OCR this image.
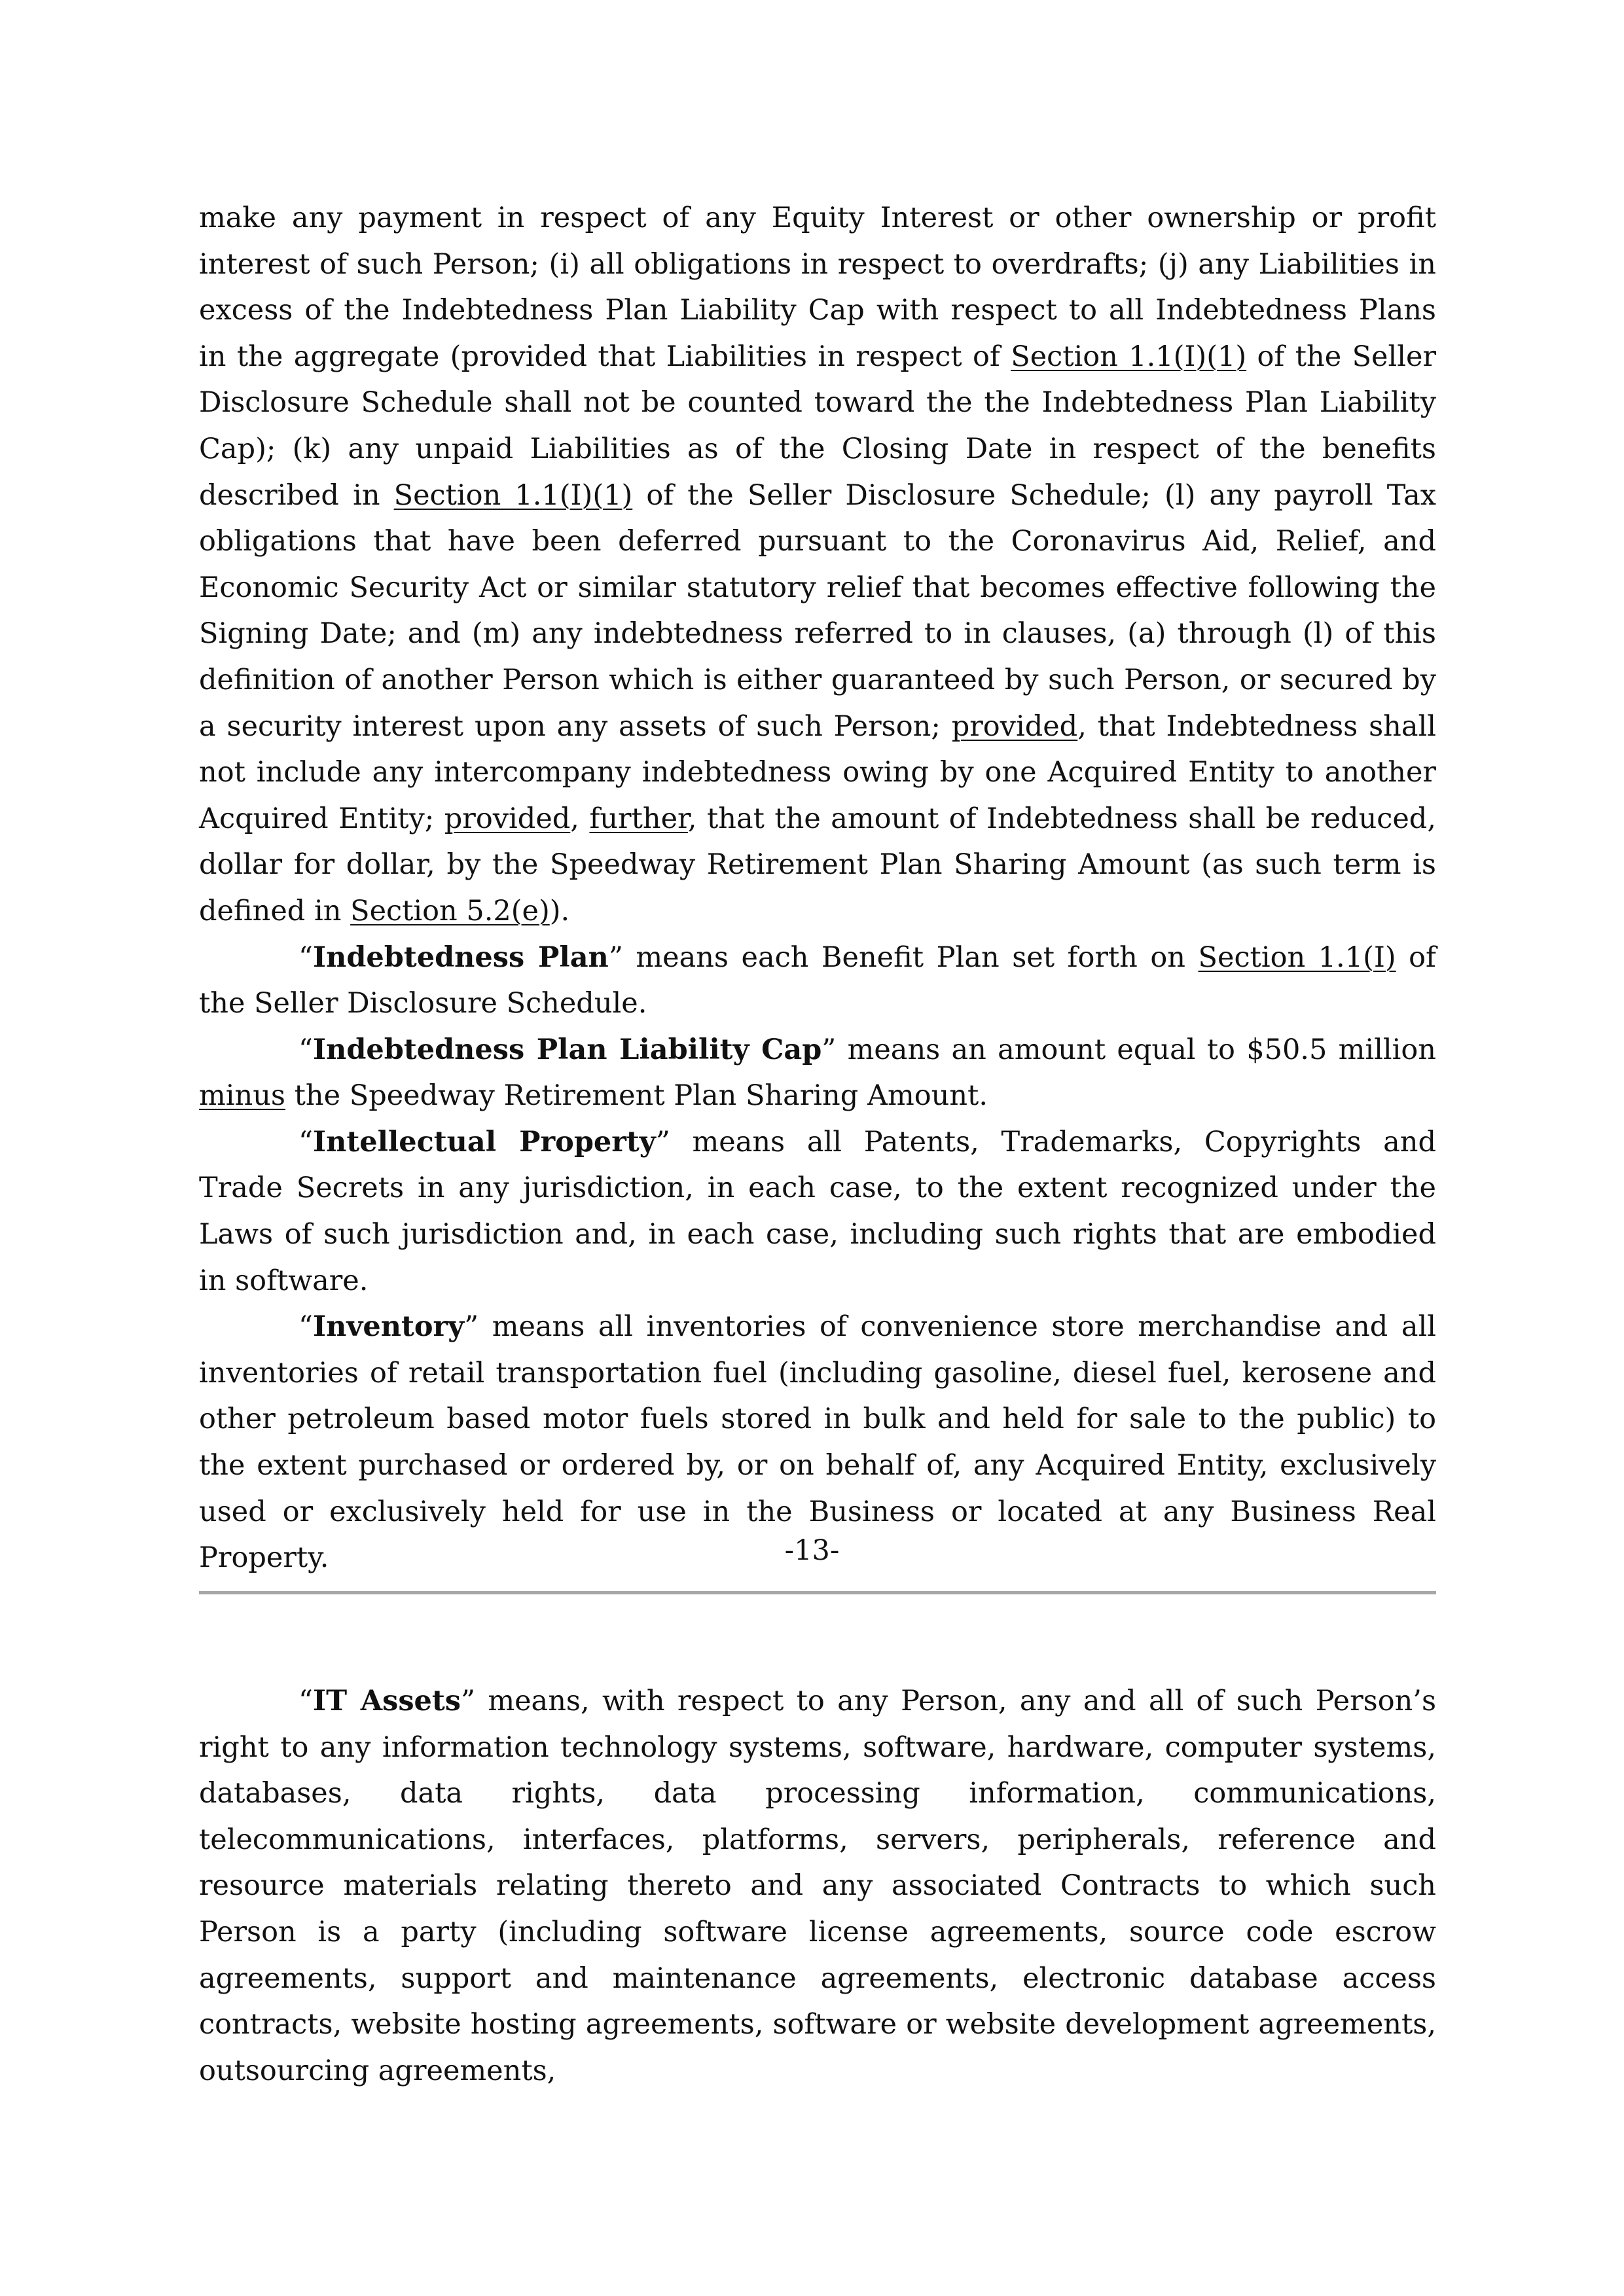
make any payment in respect of any Equity Interest or other ownership or profit interest of such Person; (i) all obligations in respect to overdrafts; (j) any Liabilities in excess of the Indebtedness Plan Liability Cap with respect to all Indebtedness Plans in the aggregate (provided that Liabilities in respect of Section 1.1(I)(1) of the Seller Disclosure Schedule shall not be counted toward the the Indebtedness Plan Liability Cap); (k) any unpaid Liabilities as of the Closing Date in respect of the benefits described in Section 1.1(I)(1) of the Seller Disclosure Schedule; (l) any payroll Tax obligations that have been deferred pursuant to the Coronavirus Aid, Relief, and Economic Security Act or similar statutory relief that becomes effective following the Signing Date; and (m) any indebtedness referred to in clauses, (a) through (l) of this definition of another Person which is either guaranteed by such Person, or secured by a security interest upon any assets of such Person; provided, that Indebtedness shall not include any intercompany indebtedness owing by one Acquired Entity to another Acquired Entity; provided, further, that the amount of Indebtedness shall be reduced, dollar for dollar, by the Speedway Retirement Plan Sharing Amount (as such term is defined in Section 5.2(e)).

“Indebtedness Plan” means each Benefit Plan set forth on Section 1.1(I) of the Seller Disclosure Schedule.

“Indebtedness Plan Liability Cap” means an amount equal to $50.5 million minus the Speedway Retirement Plan Sharing Amount.

“Intellectual Property” means all Patents, Trademarks, Copyrights and Trade Secrets in any jurisdiction, in each case, to the extent recognized under the Laws of such jurisdiction and, in each case, including such rights that are embodied in software.

“Inventory” means all inventories of convenience store merchandise and all inventories of retail transportation fuel (including gasoline, diesel fuel, kerosene and other petroleum based motor fuels stored in bulk and held for sale to the public) to the extent purchased or ordered by, or on behalf of, any Acquired Entity, exclusively used or exclusively held for use in the Business or located at any Business Real Property.	-13-

“IT Assets” means, with respect to any Person, any and all of such Person’s right to any information technology systems, software, hardware, computer systems, databases, data rights, data processing information, communications, telecommunications, interfaces, platforms, servers, peripherals, reference and resource materials relating thereto and any associated Contracts to which such Person is a party (including software license agreements, source code escrow agreements, support and maintenance agreements, electronic database access contracts, website hosting agreements, software or website development agreements, outsourcing agreements,
